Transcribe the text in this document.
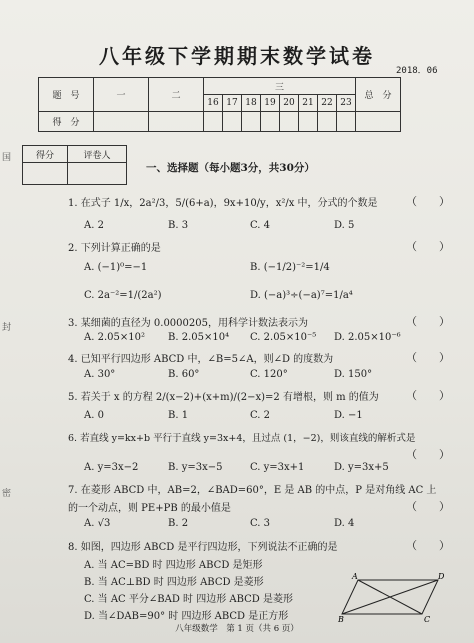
八年级下学期期末数学试卷
2018．06
题　号	一	二	三								总　分
			16	17	18	19	20	21	22	23	
得　分											
得分	评卷人

一、选择题（每小题3分，共30分）
1. 在式子 1/x，2a²/3，5/(6+a)，9x+10/y，x²/x 中，分式的个数是	（　　）
A. 2	B. 3	C. 4	D. 5
2. 下列计算正确的是	（　　）
A. (−1)⁰=−1	B. (−1/2)⁻²=1/4
C. 2a⁻²=1/(2a²)	D. (−a)³÷(−a)⁷=1/a⁴
3. 某细菌的直径为 0.0000205，用科学计数法表示为	（　　）
A. 2.05×10² B. 2.05×10⁴ C. 2.05×10⁻⁵ D. 2.05×10⁻⁶
4. 已知平行四边形 ABCD 中，∠B=5∠A，则∠D 的度数为	（　　）
A. 30°	B. 60°	C. 120°	D. 150°
5. 若关于 x 的方程 2/(x−2)+(x+m)/(2−x)=2 有增根，则 m 的值为 （　　）
A. 0	B. 1	C. 2	D. −1
6. 若直线 y=kx+b 平行于直线 y=3x+4，且过点 (1，−2)，则该直线的解析式是
（　　）
A. y=3x−2	B. y=3x−5	C. y=3x+1	D. y=3x+5
7. 在菱形 ABCD 中，AB=2，∠BAD=60°，E 是 AB 的中点，P 是对角线 AC 上
的一个动点，则 PE+PB 的最小值是	（　　）
A. √3	B. 2	C. 3	D. 4
8. 如图，四边形 ABCD 是平行四边形，下列说法不正确的是	（　　）
A. 当 AC=BD 时 四边形 ABCD 是矩形
B. 当 AC⊥BD 时 四边形 ABCD 是菱形
C. 当 AC 平分∠BAD 时 四边形 ABCD 是菱形
D. 当∠DAB=90° 时 四边形 ABCD 是正方形
A	D
B	C
国
封
密
八年级数学　第 1 页（共 6 页）
